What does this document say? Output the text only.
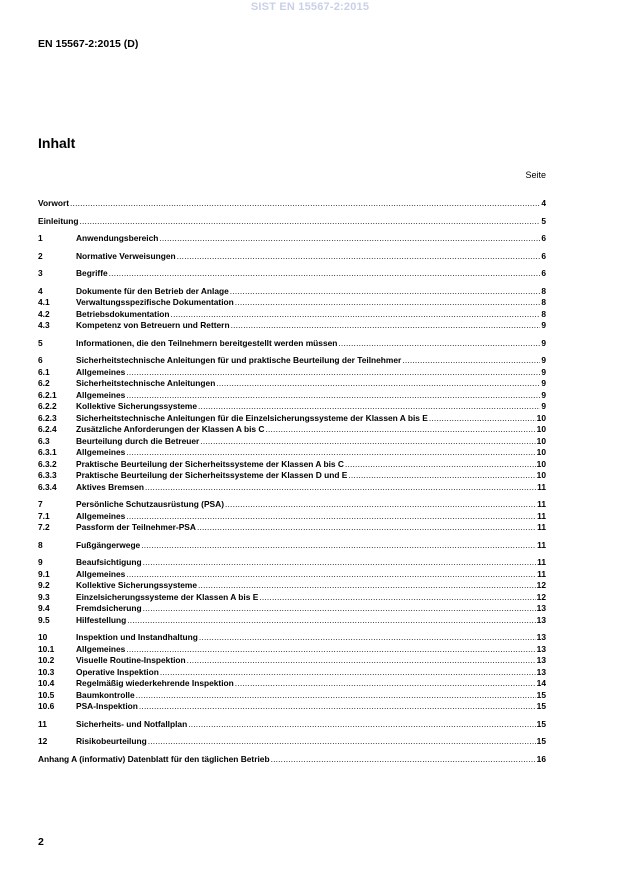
SIST EN 15567-2:2015
EN 15567-2:2015 (D)
Inhalt
Seite
Vorwort .....	4
Einleitung .....	5
1	Anwendungsbereich .....	6
2	Normative Verweisungen .....	6
3	Begriffe .....	6
4	Dokumente für den Betrieb der Anlage .....	8
4.1	Verwaltungsspezifische Dokumentation .....	8
4.2	Betriebsdokumentation .....	8
4.3	Kompetenz von Betreuern und Rettern .....	9
5	Informationen, die den Teilnehmern bereitgestellt werden müssen .....	9
6	Sicherheitstechnische Anleitungen für und praktische Beurteilung der Teilnehmer .....	9
6.1	Allgemeines .....	9
6.2	Sicherheitstechnische Anleitungen .....	9
6.2.1	Allgemeines .....	9
6.2.2	Kollektive Sicherungssysteme .....	9
6.2.3	Sicherheitstechnische Anleitungen für die Einzelsicherungssysteme der Klassen A bis E .....	10
6.2.4	Zusätzliche Anforderungen der Klassen A bis C .....	10
6.3	Beurteilung durch die Betreuer .....	10
6.3.1	Allgemeines .....	10
6.3.2	Praktische Beurteilung der Sicherheitssysteme der Klassen A bis C .....	10
6.3.3	Praktische Beurteilung der Sicherheitssysteme der Klassen D und E .....	10
6.3.4	Aktives Bremsen .....	11
7	Persönliche Schutzausrüstung (PSA) .....	11
7.1	Allgemeines .....	11
7.2	Passform der Teilnehmer-PSA .....	11
8	Fußgängerwege .....	11
9	Beaufsichtigung .....	11
9.1	Allgemeines .....	11
9.2	Kollektive Sicherungssysteme .....	12
9.3	Einzelsicherungssysteme der Klassen A bis E .....	12
9.4	Fremdsicherung .....	13
9.5	Hilfestellung .....	13
10	Inspektion und Instandhaltung .....	13
10.1	Allgemeines .....	13
10.2	Visuelle Routine-Inspektion .....	13
10.3	Operative Inspektion .....	13
10.4	Regelmäßig wiederkehrende Inspektion .....	14
10.5	Baumkontrolle .....	15
10.6	PSA-Inspektion .....	15
11	Sicherheits- und Notfallplan .....	15
12	Risikobeurteilung .....	15
Anhang A (informativ) Datenblatt für den täglichen Betrieb .....	16
2
